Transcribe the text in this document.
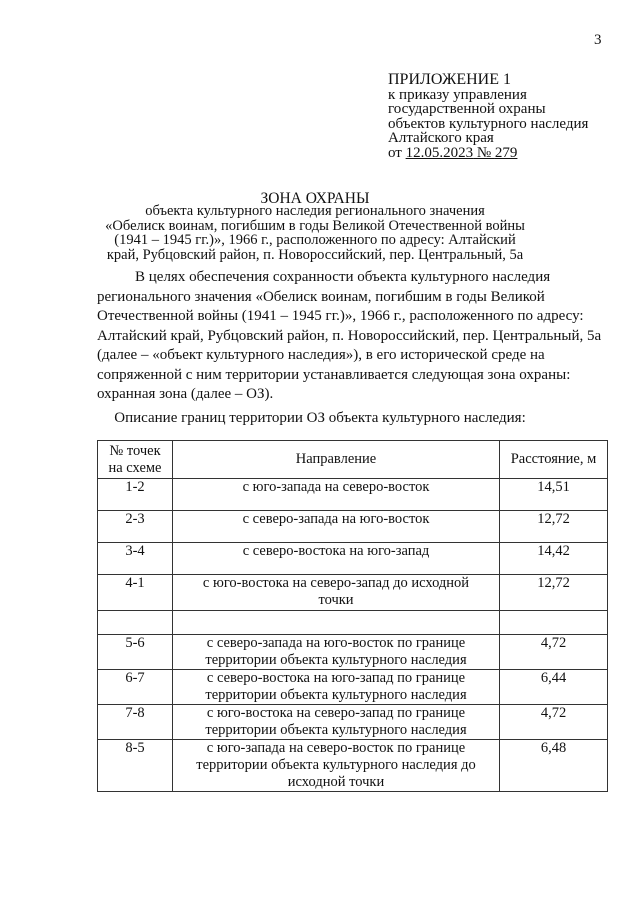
3
ПРИЛОЖЕНИЕ 1
к приказу управления
государственной охраны
объектов культурного наследия
Алтайского края
от 12.05.2023 № 279
ЗОНА ОХРАНЫ
объекта культурного наследия регионального значения
«Обелиск воинам, погибшим в годы Великой Отечественной войны
(1941 – 1945 гг.)», 1966 г., расположенного по адресу: Алтайский
край, Рубцовский район, п. Новороссийский, пер. Центральный, 5а
В целях обеспечения сохранности объекта культурного наследия
регионального значения «Обелиск воинам, погибшим в годы Великой
Отечественной войны (1941 – 1945 гг.)», 1966 г., расположенного по адресу:
Алтайский край, Рубцовский район, п. Новороссийский, пер. Центральный, 5а
(далее – «объект культурного наследия»), в его исторической среде на
сопряженной с ним территории устанавливается следующая зона охраны:
охранная зона (далее – ОЗ).
Описание границ территории ОЗ объекта культурного наследия:
№ точек на схеме	Направление	Расстояние, м
1-2	с юго-запада на северо-восток	14,51
2-3	с северо-запада на юго-восток	12,72
3-4	с северо-востока на юго-запад	14,42
4-1	с юго-востока на северо-запад до исходной точки	12,72

5-6	с северо-запада на юго-восток по границе территории объекта культурного наследия	4,72
6-7	с северо-востока на юго-запад по границе территории объекта культурного наследия	6,44
7-8	с юго-востока на северо-запад по границе территории объекта культурного наследия	4,72
8-5	с юго-запада на северо-восток по границе территории объекта культурного наследия до исходной точки	6,48
